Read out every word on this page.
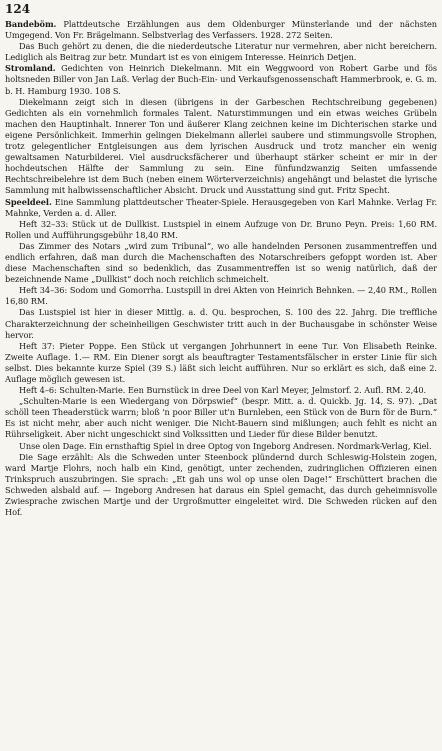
124

Bandeböm. Plattdeutsche Erzählungen aus dem Oldenburger Münsterlande und der nächsten Umgegend. Von Fr. Brägelmann. Selbstverlag des Verfassers. 1928. 272 Seiten.

Das Buch gehört zu denen, die die niederdeutsche Literatur nur vermehren, aber nicht bereichern. Lediglich als Beitrag zur betr. Mundart ist es von einigem Interesse. Heinrich Detjen.

Stromland. Gedichten von Heinrich Diekelmann. Mit ein Weggwoord von Robert Garbe und fös holtsneden Biller von Jan Laß. Verlag der Buch-Ein- und Verkaufsgenossenschaft Hammerbrook, e. G. m. b. H. Hamburg 1930. 108 S.

Diekelmann zeigt sich in diesen (übrigens in der Garbeschen Rechtschreibung gegebenen) Gedichten als ein vornehmlich formales Talent. Naturstimmungen und ein etwas weiches Grübeln machen den Hauptinhalt. Innerer Ton und äußerer Klang zeichnen keine im Dichterischen starke und eigene Persönlichkeit. Immerhin gelingen Diekelmann allerlei saubere und stimmungsvolle Strophen, trotz gelegentlicher Entgleisungen aus dem lyrischen Ausdruck und trotz mancher ein wenig gewaltsamen Naturbilderei. Viel ausdrucksfächerer und überhaupt stärker scheint er mir in der hochdeutschen Hälfte der Sammlung zu sein. Eine fünfundzwanzig Seiten umfassende Rechtschreibelehre ist dem Buch (neben einem Wörterverzeichnis) angehängt und belastet die lyrische Sammlung mit halbwissenschaftlicher Absicht. Druck und Ausstattung sind gut. Fritz Specht.

Speeldeel. Eine Sammlung plattdeutscher Theater-Spiele. Herausgegeben von Karl Mahnke. Verlag Fr. Mahnke, Verden a. d. Aller.

Heft 32–33: Stück ut de Dullkist. Lustspiel in einem Aufzuge von Dr. Bruno Peyn. Preis: 1,60 RM. Rollen und Aufführungsgebühr 18,40 RM.

Das Zimmer des Notars „wird zum Tribunal“, wo alle handelnden Personen zusammentreffen und endlich erfahren, daß man durch die Machenschaften des Notarschreibers gefoppt worden ist. Aber diese Machenschaften sind so bedenklich, das Zusammentreffen ist so wenig natürlich, daß der bezeichnende Name „Dullkist“ doch noch reichlich schmeichelt.

Heft 34–36: Sodom und Gomorrha. Lustspill in drei Akten von Heinrich Behnken. — 2,40 RM., Rollen 16,80 RM.

Das Lustspiel ist hier in dieser Mittlg. a. d. Qu. besprochen, S. 100 des 22. Jahrg. Die treffliche Charakterzeichnung der scheinheiligen Geschwister tritt auch in der Buchausgabe in schönster Weise hervor.

Heft 37: Pieter Poppe. Een Stück ut vergangen Johrhunnert in eene Tur. Von Elisabeth Reinke. Zweite Auflage. 1.— RM. Ein Diener sorgt als beauftragter Testamentsfälscher in erster Linie für sich selbst. Dies bekannte kurze Spiel (39 S.) läßt sich leicht aufführen. Nur so erklärt es sich, daß eine 2. Auflage möglich gewesen ist.

Heft 4–6: Schulten-Marie. Een Burnstück in dree Deel von Karl Meyer, Jelmstorf. 2. Aufl. RM. 2,40.

„Schulten-Marie is een Wiedergang von Dörpswief“ (bespr. Mitt. a. d. Quickb. Jg. 14, S. 97). „Dat schöll teen Theaderstück warrn; bloß 'n poor Biller ut'n Burnleben, een Stück von de Burn för de Burn.“ Es ist nicht mehr, aber auch nicht weniger. Die Nicht-Bauern sind mißlungen; auch fehlt es nicht an Rührseligkeit. Aber nicht ungeschickt sind Volkssitten und Lieder für diese Bilder benutzt.

Unse olen Dage. Ein ernsthaftig Spiel in dree Optog von Ingeborg Andresen. Nordmark-Verlag, Kiel.

Die Sage erzählt: Als die Schweden unter Steenbock plündernd durch Schleswig-Holstein zogen, ward Martje Flohrs, noch halb ein Kind, genötigt, unter zechenden, zudringlichen Offizieren einen Trinkspruch auszubringen. Sie sprach: „Et gah uns wol op unse olen Dage!“ Erschüttert brachen die Schweden alsbald auf. — Ingeborg Andresen hat daraus ein Spiel gemacht, das durch geheimnisvolle Zwiesprache zwischen Martje und der Urgroßmutter eingeleitet wird. Die Schweden rücken auf den Hof.
